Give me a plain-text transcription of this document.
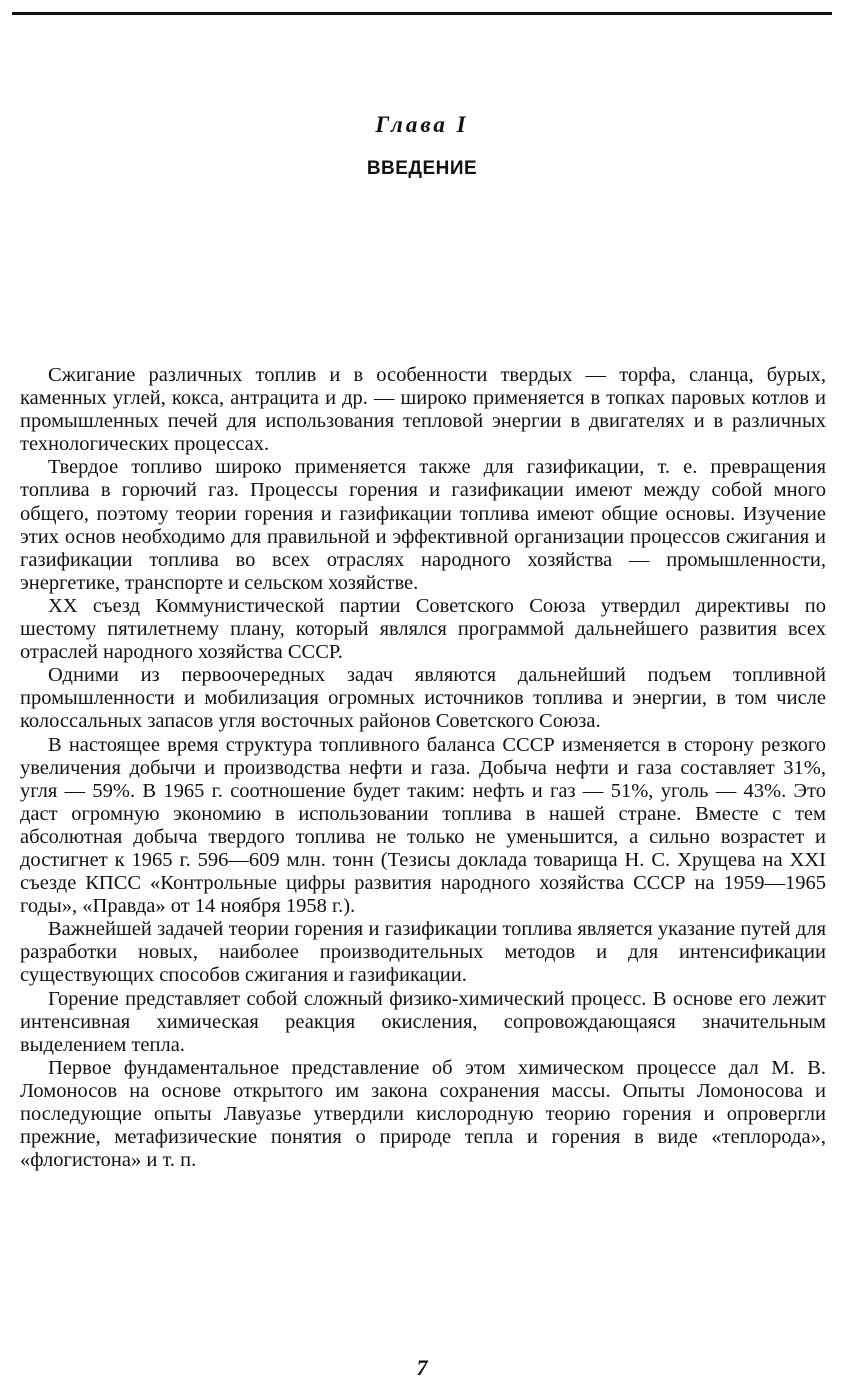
Глава I
ВВЕДЕНИЕ

Сжигание различных топлив и в особенности твердых — торфа, сланца, бурых, каменных углей, кокса, антрацита и др. — широко применяется в топках паровых котлов и промышленных печей для использования тепловой энергии в двигателях и в различных технологических процессах.

Твердое топливо широко применяется также для газификации, т. е. превращения топлива в горючий газ. Процессы горения и газификации имеют между собой много общего, поэтому теории горения и газификации топлива имеют общие основы. Изучение этих основ необходимо для правильной и эффективной организации процессов сжигания и газификации топлива во всех отраслях народного хозяйства — промышленности, энергетике, транспорте и сельском хозяйстве.

XX съезд Коммунистической партии Советского Союза утвердил директивы по шестому пятилетнему плану, который являлся программой дальнейшего развития всех отраслей народного хозяйства СССР.

Одними из первоочередных задач являются дальнейший подъем топливной промышленности и мобилизация огромных источников топлива и энергии, в том числе колоссальных запасов угля восточных районов Советского Союза.

В настоящее время структура топливного баланса СССР изменяется в сторону резкого увеличения добычи и производства нефти и газа. Добыча нефти и газа составляет 31%, угля — 59%. В 1965 г. соотношение будет таким: нефть и газ — 51%, уголь — 43%. Это даст огромную экономию в использовании топлива в нашей стране. Вместе с тем абсолютная добыча твердого топлива не только не уменьшится, а сильно возрастет и достигнет к 1965 г. 596—609 млн. тонн (Тезисы доклада товарища Н. С. Хрущева на XXI съезде КПСС «Контрольные цифры развития народного хозяйства СССР на 1959—1965 годы», «Правда» от 14 ноября 1958 г.).

Важнейшей задачей теории горения и газификации топлива является указание путей для разработки новых, наиболее производительных методов и для интенсификации существующих способов сжигания и газификации.

Горение представляет собой сложный физико-химический процесс. В основе его лежит интенсивная химическая реакция окисления, сопровождающаяся значительным выделением тепла.

Первое фундаментальное представление об этом химическом процессе дал М. В. Ломоносов на основе открытого им закона сохранения массы. Опыты Ломоносова и последующие опыты Лавуазье утвердили кислородную теорию горения и опровергли прежние, метафизические понятия о природе тепла и горения в виде «теплорода», «флогистона» и т. п.

7
